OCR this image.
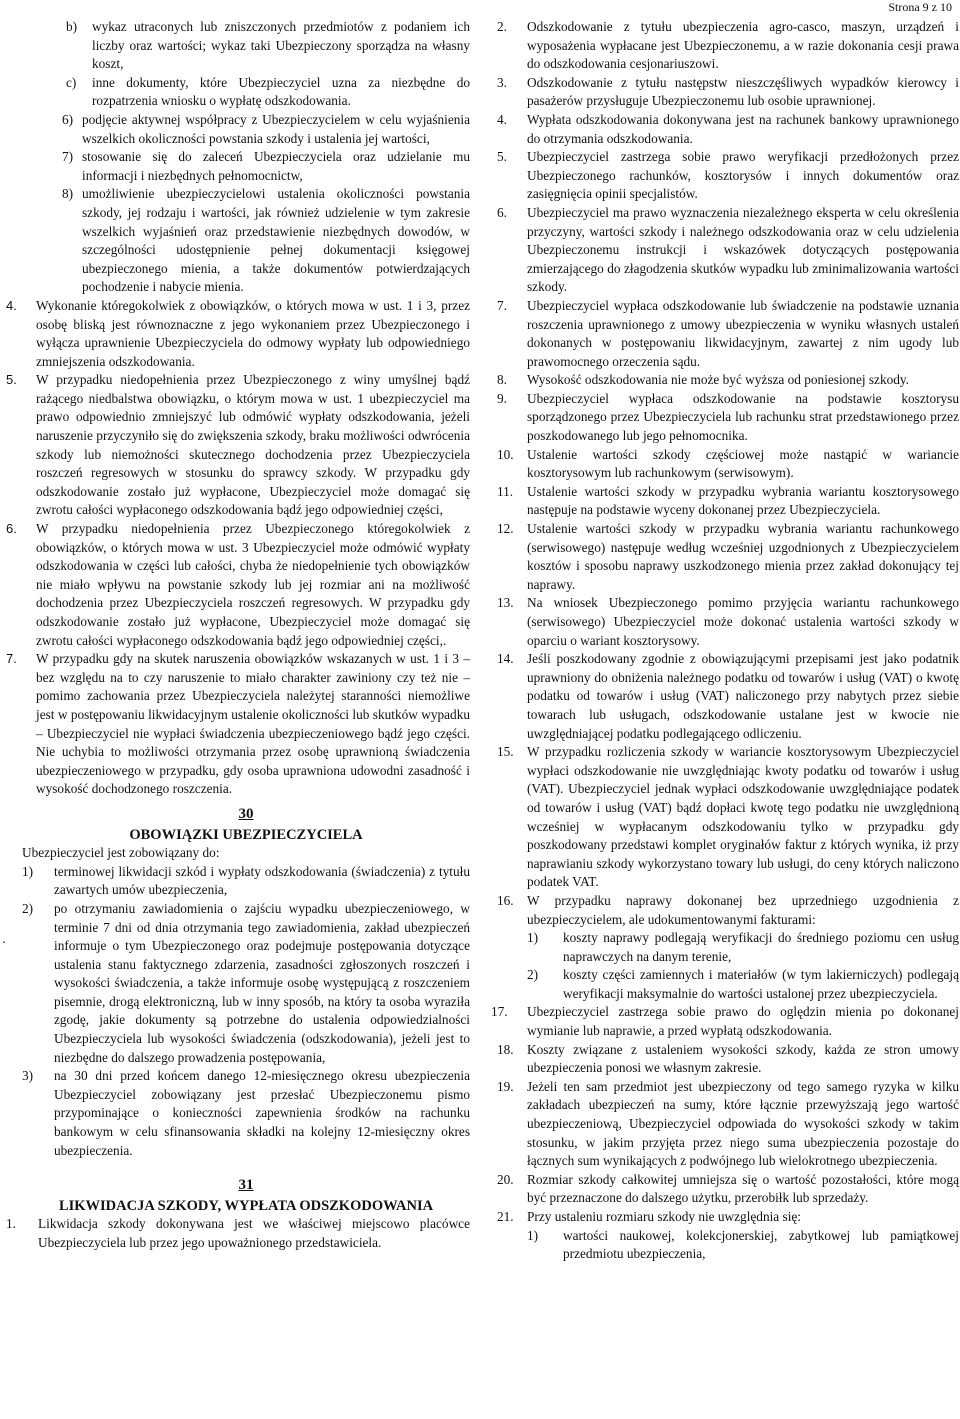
Strona 9 z 10
b)	wykaz utraconych lub zniszczonych przedmiotów z podaniem ich liczby oraz wartości; wykaz taki Ubezpieczony sporządza na własny koszt,
c)	inne dokumenty, które Ubezpieczyciel uzna za niezbędne do rozpatrzenia wniosku o wypłatę odszkodowania.
6) podjęcie aktywnej współpracy z Ubezpieczycielem w celu wyjaśnienia wszelkich okoliczności powstania szkody i ustalenia jej wartości,
7) stosowanie się do zaleceń Ubezpieczyciela oraz udzielanie mu informacji i niezbędnych pełnomocnictw,
8) umożliwienie ubezpieczycielowi ustalenia okoliczności powstania szkody, jej rodzaju i wartości, jak również udzielenie w tym zakresie wszelkich wyjaśnień oraz przedstawienie niezbędnych dowodów, w szczególności udostępnienie pełnej dokumentacji księgowej ubezpieczonego mienia, a także dokumentów potwierdzających pochodzenie i nabycie mienia.
4.	Wykonanie któregokolwiek z obowiązków, o których mowa w ust. 1 i 3, przez osobę bliską jest równoznaczne z jego wykonaniem przez Ubezpieczonego i wyłącza uprawnienie Ubezpieczyciela do odmowy wypłaty lub odpowiedniego zmniejszenia odszkodowania.
5.	W przypadku niedopełnienia przez Ubezpieczonego z winy umyślnej bądź rażącego niedbalstwa obowiązku, o którym mowa w ust. 1 ubezpieczyciel ma prawo odpowiednio zmniejszyć lub odmówić wypłaty odszkodowania, jeżeli naruszenie przyczyniło się do zwiększenia szkody, braku możliwości odwrócenia szkody lub niemożności skutecznego dochodzenia przez Ubezpieczyciela roszczeń regresowych w stosunku do sprawcy szkody. W przypadku gdy odszkodowanie zostało już wypłacone, Ubezpieczyciel może domagać się zwrotu całości wypłaconego odszkodowania bądź jego odpowiedniej części,
6.	W przypadku niedopełnienia przez Ubezpieczonego któregokolwiek z obowiązków, o których mowa w ust. 3 Ubezpieczyciel może odmówić wypłaty odszkodowania w części lub całości, chyba że niedopełnienie tych obowiązków nie miało wpływu na powstanie szkody lub jej rozmiar ani na możliwość dochodzenia przez Ubezpieczyciela roszczeń regresowych. W przypadku gdy odszkodowanie zostało już wypłacone, Ubezpieczyciel może domagać się zwrotu całości wypłaconego odszkodowania bądź jego odpowiedniej części,.
7.	W przypadku gdy na skutek naruszenia obowiązków wskazanych w ust. 1 i 3 – bez względu na to czy naruszenie to miało charakter zawiniony czy też nie – pomimo zachowania przez Ubezpieczyciela należytej staranności niemożliwe jest w postępowaniu likwidacyjnym ustalenie okoliczności lub skutków wypadku – Ubezpieczyciel nie wypłaci świadczenia ubezpieczeniowego bądź jego części. Nie uchybia to możliwości otrzymania przez osobę uprawnioną świadczenia ubezpieczeniowego w przypadku, gdy osoba uprawniona udowodni zasadność i wysokość dochodzonego roszczenia.
30
OBOWIĄZKI UBEZPIECZYCIELA

Ubezpieczyciel jest zobowiązany do:

1)	terminowej likwidacji szkód i wypłaty odszkodowania (świadczenia) z tytułu zawartych umów ubezpieczenia,
2)	po otrzymaniu zawiadomienia o zajściu wypadku ubezpieczeniowego, w terminie 7 dni od dnia otrzymania tego zawiadomienia, zakład ubezpieczeń informuje o tym Ubezpieczonego oraz podejmuje postępowania dotyczące ustalenia stanu faktycznego zdarzenia, zasadności zgłoszonych roszczeń i wysokości świadczenia, a także informuje osobę występującą z roszczeniem pisemnie, drogą elektroniczną, lub w inny sposób, na który ta osoba wyraziła zgodę, jakie dokumenty są potrzebne do ustalenia odpowiedzialności Ubezpieczyciela lub wysokości świadczenia (odszkodowania), jeżeli jest to niezbędne do dalszego prowadzenia postępowania,
3)	na 30 dni przed końcem danego 12-miesięcznego okresu ubezpieczenia Ubezpieczyciel zobowiązany jest przesłać Ubezpieczonemu pismo przypominające o konieczności zapewnienia środków na rachunku bankowym w celu sfinansowania składki na kolejny 12-miesięczny okres ubezpieczenia.
31
LIKWIDACJA SZKODY, WYPŁATA ODSZKODOWANIA
1.	Likwidacja szkody dokonywana jest we właściwej miejscowo placówce Ubezpieczyciela lub przez jego upoważnionego przedstawiciela.
.
2.	Odszkodowanie z tytułu ubezpieczenia agro-casco, maszyn, urządzeń i wyposażenia wypłacane jest Ubezpieczonemu, a w razie dokonania cesji prawa do odszkodowania cesjonariuszowi.
3.	Odszkodowanie z tytułu następstw nieszczęśliwych wypadków kierowcy i pasażerów przysługuje Ubezpieczonemu lub osobie uprawnionej.
4.	Wypłata odszkodowania dokonywana jest na rachunek bankowy uprawnionego do otrzymania odszkodowania.
5.	Ubezpieczyciel zastrzega sobie prawo weryfikacji przedłożonych przez Ubezpieczonego rachunków, kosztorysów i innych dokumentów oraz zasięgnięcia opinii specjalistów.
6.	Ubezpieczyciel ma prawo wyznaczenia niezależnego eksperta w celu określenia przyczyny, wartości szkody i należnego odszkodowania oraz w celu udzielenia Ubezpieczonemu instrukcji i wskazówek dotyczących postępowania zmierzającego do złagodzenia skutków wypadku lub zminimalizowania wartości szkody.
7.	Ubezpieczyciel wypłaca odszkodowanie lub świadczenie na podstawie uznania roszczenia uprawnionego z umowy ubezpieczenia w wyniku własnych ustaleń dokonanych w postępowaniu likwidacyjnym, zawartej z nim ugody lub prawomocnego orzeczenia sądu.
8.	Wysokość odszkodowania nie może być wyższa od poniesionej szkody.
9.	Ubezpieczyciel wypłaca odszkodowanie na podstawie kosztorysu sporządzonego przez Ubezpieczyciela lub rachunku strat przedstawionego przez poszkodowanego lub jego pełnomocnika.
10.	Ustalenie wartości szkody częściowej może nastąpić w wariancie kosztorysowym lub rachunkowym (serwisowym).
11.	Ustalenie wartości szkody w przypadku wybrania wariantu kosztorysowego następuje na podstawie wyceny dokonanej przez Ubezpieczyciela.
12.	Ustalenie wartości szkody w przypadku wybrania wariantu rachunkowego (serwisowego) następuje według wcześniej uzgodnionych z Ubezpieczycielem kosztów i sposobu naprawy uszkodzonego mienia przez zakład dokonujący tej naprawy.
13.	Na wniosek Ubezpieczonego pomimo przyjęcia wariantu rachunkowego (serwisowego) Ubezpieczyciel może dokonać ustalenia wartości szkody w oparciu o wariant kosztorysowy.
14.	Jeśli poszkodowany zgodnie z obowiązującymi przepisami jest jako podatnik uprawniony do obniżenia należnego podatku od towarów i usług (VAT) o kwotę podatku od towarów i usług (VAT) naliczonego przy nabytych przez siebie towarach lub usługach, odszkodowanie ustalane jest w kwocie nie uwzględniającej podatku podlegającego odliczeniu.
15.	W przypadku rozliczenia szkody w wariancie kosztorysowym Ubezpieczyciel wypłaci odszkodowanie nie uwzględniając kwoty podatku od towarów i usług (VAT). Ubezpieczyciel jednak wypłaci odszkodowanie uwzględniające podatek od towarów i usług (VAT) bądź dopłaci kwotę tego podatku nie uwzględnioną wcześniej w wypłacanym odszkodowaniu tylko w przypadku gdy poszkodowany przedstawi komplet oryginałów faktur z których wynika, iż przy naprawianiu szkody wykorzystano towary lub usługi, do ceny których naliczono podatek VAT.
16.	W przypadku naprawy dokonanej bez uprzedniego uzgodnienia z ubezpieczycielem, ale udokumentowanymi fakturami:
1)	koszty naprawy podlegają weryfikacji do średniego poziomu cen usług naprawczych na danym terenie,
2)	koszty części zamiennych i materiałów (w tym lakierniczych) podlegają weryfikacji maksymalnie do wartości ustalonej przez ubezpieczyciela.
17.	Ubezpieczyciel zastrzega sobie prawo do oględzin mienia po dokonanej wymianie lub naprawie, a przed wypłatą odszkodowania.
18.	Koszty związane z ustaleniem wysokości szkody, każda ze stron umowy ubezpieczenia ponosi we własnym zakresie.
19.	Jeżeli ten sam przedmiot jest ubezpieczony od tego samego ryzyka w kilku zakładach ubezpieczeń na sumy, które łącznie przewyższają jego wartość ubezpieczeniową, Ubezpieczyciel odpowiada do wysokości szkody w takim stosunku, w jakim przyjęta przez niego suma ubezpieczenia pozostaje do łącznych sum wynikających z podwójnego lub wielokrotnego ubezpieczenia.
20.	Rozmiar szkody całkowitej umniejsza się o wartość pozostałości, które mogą być przeznaczone do dalszego użytku, przerobiłk lub sprzedaży.
21.	Przy ustaleniu rozmiaru szkody nie uwzględnia się:
1)	wartości naukowej, kolekcjonerskiej, zabytkowej lub pamiątkowej przedmiotu ubezpieczenia,
